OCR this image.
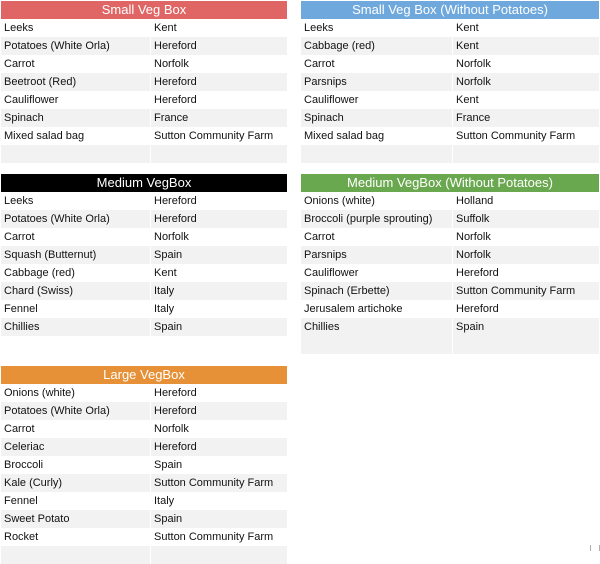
Small Veg Box
Leeks	Kent
Potatoes (White Orla)	Hereford
Carrot	Norfolk
Beetroot (Red)	Hereford
Cauliflower	Hereford
Spinach	France
Mixed salad bag	Sutton Community Farm
Small Veg Box (Without Potatoes)
Leeks	Kent
Cabbage (red)	Kent
Carrot	Norfolk
Parsnips	Norfolk
Cauliflower	Kent
Spinach	France
Mixed salad bag	Sutton Community Farm
Medium VegBox
Leeks	Hereford
Potatoes (White Orla)	Hereford
Carrot	Norfolk
Squash (Butternut)	Spain
Cabbage (red)	Kent
Chard (Swiss)	Italy
Fennel	Italy
Chillies	Spain
Medium VegBox (Without Potatoes)
Onions (white)	Holland
Broccoli (purple sprouting)	Suffolk
Carrot	Norfolk
Parsnips	Norfolk
Cauliflower	Hereford
Spinach (Erbette)	Sutton Community Farm
Jerusalem artichoke	Hereford
Chillies	Spain
Large VegBox
Onions (white)	Hereford
Potatoes (White Orla)	Hereford
Carrot	Norfolk
Celeriac	Hereford
Broccoli	Spain
Kale (Curly)	Sutton Community Farm
Fennel	Italy
Sweet Potato	Spain
Rocket	Sutton Community Farm
